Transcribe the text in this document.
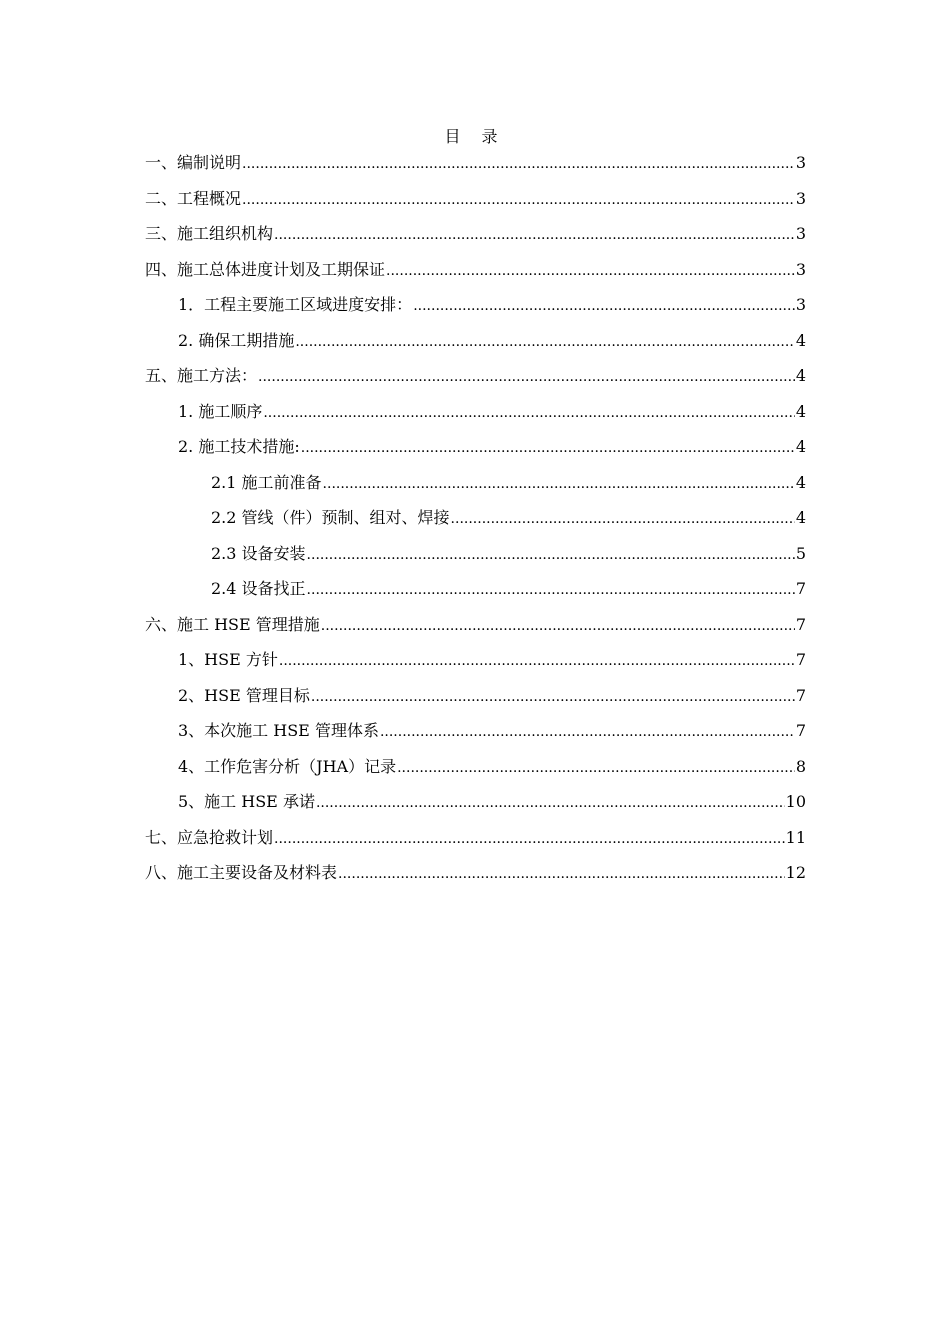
目 录
一、编制说明 .....	3
二、工程概况 .....	3
三、施工组织机构 .....	3
四、施工总体进度计划及工期保证 .....	3
1．工程主要施工区域进度安排： .....	3
2. 确保工期措施 .....	4
五、施工方法： .....	4
1. 施工顺序 .....	4
2. 施工技术措施: .....	4
2.1 施工前准备 .....	4
2.2 管线（件）预制、组对、焊接 .....	4
2.3 设备安装 .....	5
2.4 设备找正 .....	7
六、施工 HSE 管理措施 .....	7
1、HSE 方针 .....	7
2、HSE 管理目标 .....	7
3、本次施工 HSE 管理体系 .....	7
4、工作危害分析（JHA）记录 .....	8
5、施工 HSE 承诺 .....	10
七、应急抢救计划 .....	11
八、施工主要设备及材料表 .....	12
